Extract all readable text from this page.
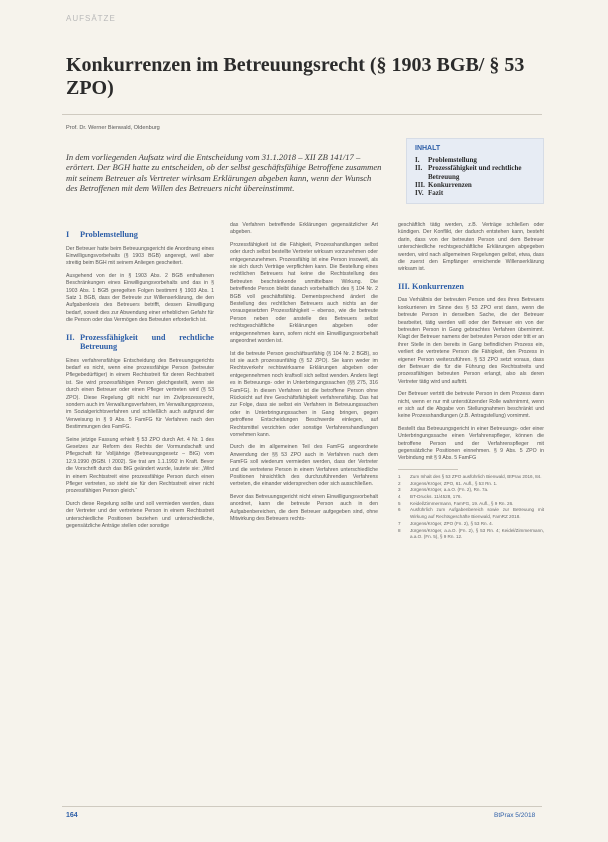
AUFSÄTZE
Konkurrenzen im Betreuungsrecht (§ 1903 BGB/ § 53 ZPO)
Prof. Dr. Werner Bienwald, Oldenburg
In dem vorliegenden Aufsatz wird die Entscheidung vom 31.1.2018 – XII ZB 141/17 – erörtert. Der BGH hatte zu entscheiden, ob der selbst geschäftsfähige Betroffene zusammen mit seinem Betreuer als Vertreter wirksam Erklärungen abgeben kann, wenn der Wunsch des Betroffenen mit dem Willen des Betreuers nicht übereinstimmt.
INHALT
I.	Problemstellung
II. Prozessfähigkeit und rechtliche Betreuung
III. Konkurrenzen
IV. Fazit
I	Problemstellung

Der Betreuer hatte beim Betreuungsgericht die Anordnung eines Einwilligungsvorbehalts (§ 1903 BGB) angeregt, weil aber streitig beim BGH mit seinem Anliegen gescheitert.

Ausgehend von der in § 1903 Abs. 2 BGB enthaltenen Beschränkungen eines Einwilligungsvorbehalts und das in § 1903 Abs. 1 BGB geregelten Folgen bestimmt § 1903 Abs. 1 Satz 1 BGB, dass der Betreute zur Willenserklärung, die den Aufgabenkreis des Betreuers betrifft, dessen Einwilligung bedarf, soweit dies zur Abwendung einer erheblichen Gefahr für die Person oder das Vermögen des Betreuten erforderlich ist.

II. Prozessfähigkeit und rechtliche Betreuung

Eines verfahrensfähige Entscheidung des Betreuungsgerichts bedarf es nicht, wenn eine prozessfähige Person (betreuter Pflegebedürftiger) in einem Rechtsstreit für deren Rechtsstreit ist. Sie wird prozessfähigen Person gleichgestellt, wenn sie durch einen Betreuer oder einen Pfleger vertreten wird (§ 53 ZPO). Diese Regelung gilt nicht nur im Zivilprozessrecht, sondern auch im Verwaltungsverfahren, im Verwaltungsprozess, im Sozialgerichtsverfahren und schließlich auch aufgrund der Verweisung in § 9 Abs. 5 FamFG für Verfahren nach den Bestimmungen des FamFG.

Seine jetzige Fassung erhielt § 53 ZPO durch Art. 4 Nr. 1 des Gesetzes zur Reform des Rechts der Vormundschaft und Pflegschaft für Volljährige (Betreuungsgesetz – BtG) vom 12.9.1990 (BGBl. I 2002). Sie trat am 1.1.1992 in Kraft. Bevor die Vorschrift durch das BtG geändert wurde, lautete sie: „Wird in einem Rechtsstreit eine prozessfähige Person durch einen Pfleger vertreten, so steht sie für den Rechtsstreit einer nicht prozessfähigen Person gleich.“

Durch diese Regelung sollte und soll vermieden werden, dass der Vertreter und der vertretene Person in einem Rechtsstreit unterschiedliche Positionen beziehen und unterschiedliche, gegensätzliche Anträge stellen oder sonstige

das Verfahren betreffende Erklärungen gegensätzlicher Art abgeben.

Prozessfähigkeit ist die Fähigkeit, Prozesshandlungen selbst oder durch selbst bestellte Vertreter wirksam vorzunehmen oder entgegenzunehmen. Prozessfähig ist eine Person insoweit, als sie sich durch Verträge verpflichten kann. Die Bestellung eines rechtlichen Betreuers hat keine die Rechtsstellung des Betreuten beschränkende unmittelbare Wirkung. Die betreffende Person bleibt danach vorbehaltlich des § 104 Nr. 2 BGB voll geschäftsfähig. Dementsprechend ändert die Bestellung des rechtlichen Betreuers auch nichts an der vorausgesetzten Prozessfähigkeit – ebenso, wie die betreute Person neben oder anstelle des Betreuers selbst rechtsgeschäftliche Erklärungen abgeben oder entgegennehmen kann, sofern nicht ein Einwilligungsvorbehalt angeordnet worden ist.

Ist die betreute Person geschäftsunfähig (§ 104 Nr. 2 BGB), so ist sie auch prozessunfähig (§ 52 ZPO). Sie kann weder im Rechtsverkehr rechtswirksame Erklärungen abgeben oder entgegennehmen noch kraftvoll sich selbst wenden. Anders liegt es in Betreuungs- oder in Unterbringungssachen (§§ 275, 316 FamFG). In diesen Verfahren ist die betroffene Person ohne Rücksicht auf ihre Geschäftsfähigkeit verfahrensfähig. Das hat zur Folge, dass sie selbst ein Verfahren in Betreuungssachen oder in Unterbringungssachen in Gang bringen, gegen getroffene Entscheidungen Beschwerde einlegen, auf Rechtsmittel verzichten oder sonstige Verfahrenshandlungen vornehmen kann.

Durch die im allgemeinen Teil des FamFG angeordnete Anwendung der §§ 53 ZPO auch in Verfahren nach dem FamFG soll wiederum vermieden werden, dass der Vertreter und die vertretene Person in einem Verfahren unterschiedliche Positionen hinsichtlich des durchzuführenden Verfahrens vertreten, die einander widersprechen oder sich ausschließen.

Bevor das Betreuungsgericht nicht einen Einwilligungsvorbehalt anordnet, kann die betreute Person auch in den Aufgabenbereichen, die dem Betreuer aufgegeben sind, ohne Mitwirkung des Betreuers rechts-

geschäftlich tätig werden, z.B. Verträge schließen oder kündigen. Der Konflikt, der dadurch entstehen kann, besteht darin, dass von der betreuten Person und dem Betreuer unterschiedliche rechtsgeschäftliche Erklärungen abgegeben werden, wird nach allgemeinen Regelungen gelöst, etwa, dass die zuerst den Empfänger erreichende Willenserklärung wirksam ist.

III. Konkurrenzen

Das Verhältnis der betreuten Person und des ihres Betreuers konkurrieren im Sinne des § 53 ZPO erst dann, wenn die betreute Person in derselben Sache, die der Betreuer bearbeitet, tätig werden will oder der Betreuer ein von der betreuten Person in Gang gebrachtes Verfahren übernimmt. Klagt der Betreuer namens der betreuten Person oder tritt er an ihrer Stelle in den bereits in Gang befindlichen Prozess ein, verliert die vertretene Person die Fähigkeit, den Prozess in eigener Person weiterzuführen. § 53 ZPO setzt voraus, dass der Betreuer die für die Führung des Rechtsstreits und prozessfähigen betreuten Person erlangt, also als deren Vertreter tätig wird und auftritt.

Der Betreuer vertritt die betreute Person in dem Prozess dann nicht, wenn er nur mit unterstützender Rolle wahrnimmt, wenn er sich auf die Abgabe von Stellungnahmen beschränkt und keine Prozesshandlungen (z.B. Antragstellung) vornimmt.

Bestellt das Betreuungsgericht in einer Betreuungs- oder einer Unterbringungssache einen Verfahrenspfleger, können die betroffene Person und der Verfahrenspfleger mit gegensätzliche Positionen einnehmen. § 9 Abs. 5 ZPO in Verbindung mit § 9 Abs. 5 FamFG

1	Zum Inhalt des § 53 ZPO ausführlich Bienwald, BtPrax 2016, 84.
2	Jürgens/Kröger, ZPO, 61. Aufl., § 53 Rn. 1.
3	Jürgens/Kröger, a.a.O. (Fn. 2), Rn. 7a.
4	BT-Drucks. 11/4528, 176.
5	Keidel/Zimmermann, FamFG, 19. Aufl., § 9 Rn. 26.
6	Ausführlich zum Aufgabenbereich sowie zur Betreuung mit Wirkung auf Rechtsgeschäfte Bienwald, FamRZ 2018.
7	Jürgens/Kröger, ZPO (Fn. 2), § 53 Rn. 4.
8	Jürgens/Kröger, a.a.O. (Fn. 2), § 53 Rn. 4; Keidel/Zimmermann, a.a.O. (Fn. 5), § 9 Rn. 12.
164	BtPrax 5/2018
